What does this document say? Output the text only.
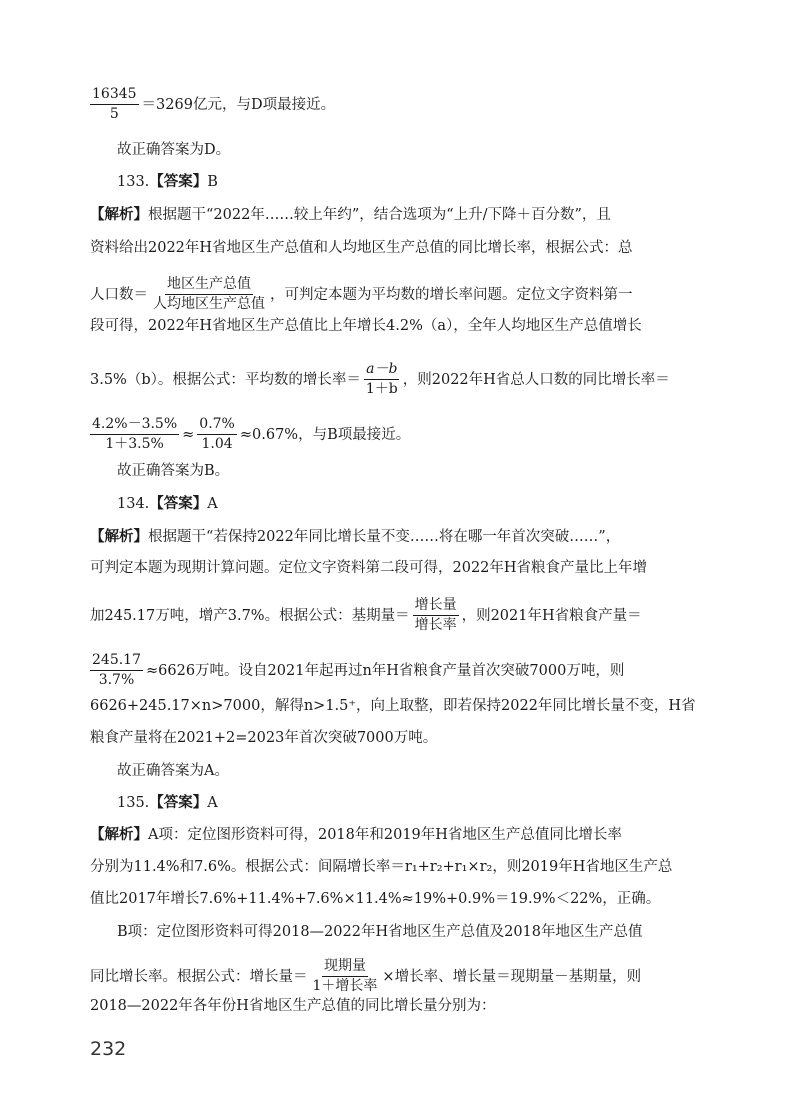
$\frac{16345}{5} =3269$亿元，与D项最接近。
故正确答案为D。
133. 【答案】 B
【解析】 根据题干“2022年……较上年约”，结合选项为“上升/下降＋百分数”，且
资料给出2022年H省地区生产总值和人均地区生产总值的同比增长率，根据公式：总
人口数＝ $\frac{\text{地区生产总值}}{\text{人均地区生产总值}}$ ，可判定本题为平均数的增长率问题。定位文字资料第一
段可得，2022年H省地区生产总值比上年增长4.2%（a），全年人均地区生产总值增长
3.5%（b）。根据公式：平均数的增长率＝ $\frac{a-b}{1+b}$ ，则2022年H省总人口数的同比增长率＝
$\frac{4.2\%-3.5\%}{1+3.5\%} \approx \frac{0.7\%}{1.04} \approx 0.67\%$，与B项最接近。
故正确答案为B。
134. 【答案】 A
【解析】 根据题干“若保持2022年同比增长量不变……将在哪一年首次突破……”，
可判定本题为现期计算问题。定位文字资料第二段可得，2022年H省粮食产量比上年增
加245.17万吨，增产3.7%。根据公式：基期量＝ $\frac{\text{增长量}}{\text{增长率}}$ ，则2021年H省粮食产量＝
$\frac{245.17}{3.7\%} \approx 6626$万吨。设自2021年起再过n年H省粮食产量首次突破7000万吨，则
6626+245.17×n>7000，解得n>1.5⁺，向上取整，即若保持2022年同比增长量不变，H省
粮食产量将在2021+2=2023年首次突破7000万吨。
故正确答案为A。
135. 【答案】 A
【解析】 A项：定位图形资料可得，2018年和2019年H省地区生产总值同比增长率
分别为11.4%和7.6%。根据公式：间隔增长率＝r₁+r₂+r₁×r₂，则2019年H省地区生产总
值比2017年增长7.6%+11.4%+7.6%×11.4%≈19%+0.9%＝19.9%＜22%，正确。
B项：定位图形资料可得2018—2022年H省地区生产总值及2018年地区生产总值
同比增长率。根据公式：增长量＝ $\frac{\text{现期量}}{\text{1＋增长率}}$ ×增长率、增长量＝现期量－基期量，则
2018—2022年各年份H省地区生产总值的同比增长量分别为：
232
